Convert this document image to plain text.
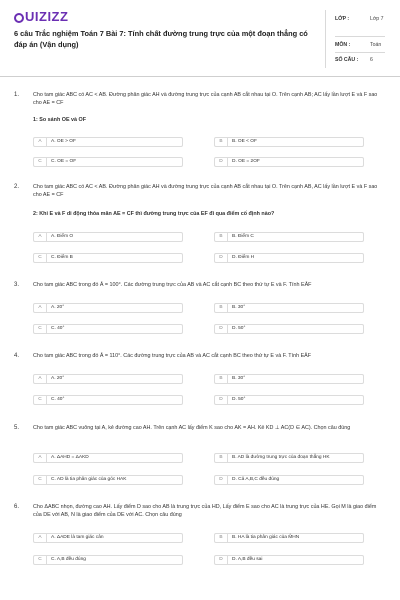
UIZIZZ
6 câu Trắc nghiệm Toán 7 Bài 7: Tính chất đường trung trực của một đoạn thẳng có đáp án (Vận dụng)
LỚP :	Lớp 7
MÔN :	Toán
SỐ CÂU :	6
1.	Cho tam giác ABC có AC < AB. Đường phân giác AH và đường trung trực của cạnh AB cắt nhau tại O. Trên cạnh AB; AC lấy lần lượt E và F sao cho AE = CF
1: So sánh OE và OF
A	A. OE > OF	B	B. OE < OF
C	C. OE = OF	D	D. OE = 2OF
2.	Cho tam giác ABC có AC < AB. Đường phân giác AH và đường trung trực của cạnh AB cắt nhau tại O. Trên cạnh AB, AC lấy lần lượt E và F sao cho AE = CF
2: Khi E và F di động thỏa mãn AE = CF thì đường trung trực của EF đi qua điểm cố định nào?
A	A. Điểm O	B	B. Điểm C
C	C. Điểm B	D	D. Điểm H
3.	Cho tam giác ABC trong đó Â = 100°. Các đường trung trực của AB và AC cắt cạnh BC theo thứ tự E và F. Tính EÂF
A	A. 20°	B	B. 30°
C	C. 40°	D	D. 50°
4.	Cho tam giác ABC trong đó Â = 110°. Các đường trung trực của AB và AC cắt cạnh BC theo thứ tự E và F. Tính EÂF
A	A. 20°	B	B. 30°
C	C. 40°	D	D. 50°
5.	Cho tam giác ABC vuông tại A, kẻ đường cao AH. Trên cạnh AC lấy điểm K sao cho AK = AH. Kẻ KD ⊥ AC(D ∈ AC). Chọn câu đúng
A	A. ΔAHD = ΔAKD	B	B. AD là đường trung trực của đoạn thẳng HK
C	C. AD là tia phân giác của góc HAK	D	D. Cả A,B,C đều đúng
6.	Cho ΔABC nhọn, đường cao AH. Lấy điểm D sao cho AB là trung trực của HD, Lấy điểm E sao cho AC là trung trực của HE. Gọi M là giao điểm của DE với AB, N là giao điểm của DE với AC. Chọn câu đúng
A	A. ΔADE là tam giác cân	B	B. HA là tia phân giác của M̂HN
C	C. A,B đều đúng	D	D. A,B đều sai
